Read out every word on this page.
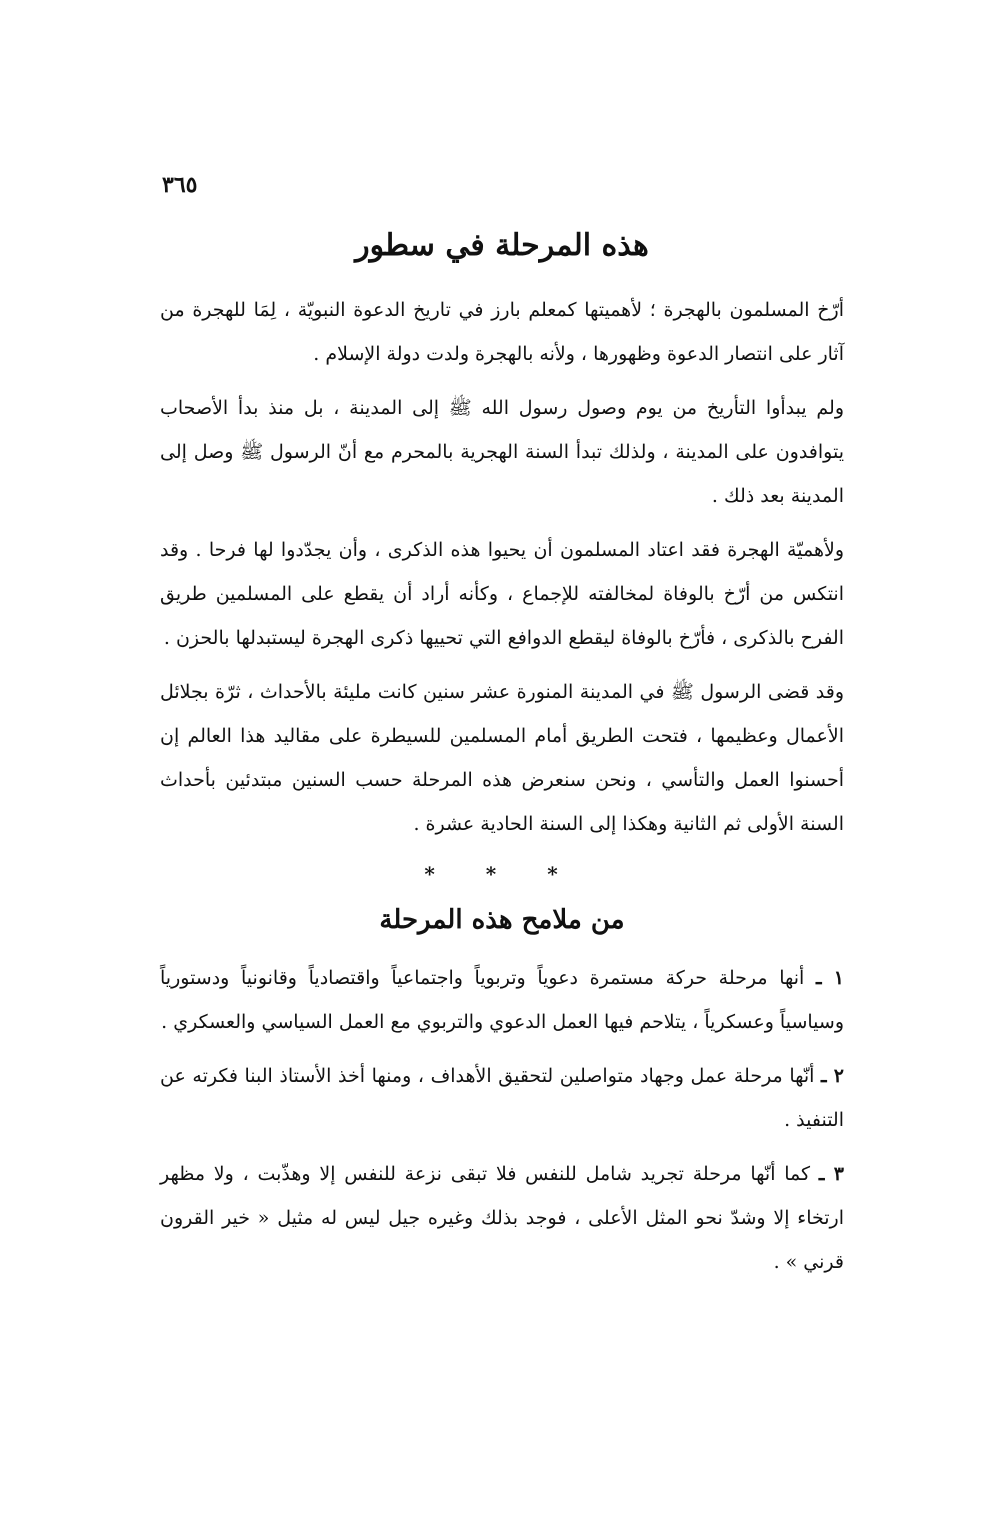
٣٦٥
هذه المرحلة في سطور

أرّخ المسلمون بالهجرة ؛ لأهميتها كمعلم بارز في تاريخ الدعوة النبويّة ، لِمَا للهجرة من آثار على انتصار الدعوة وظهورها ، ولأنه بالهجرة ولدت دولة الإسلام .

ولم يبدأوا التأريخ من يوم وصول رسول الله ﷺ إلى المدينة ، بل منذ بدأ الأصحاب يتوافدون على المدينة ، ولذلك تبدأ السنة الهجرية بالمحرم مع أنّ الرسول ﷺ وصل إلى المدينة بعد ذلك .

ولأهميّة الهجرة فقد اعتاد المسلمون أن يحيوا هذه الذكرى ، وأن يجدّدوا لها فرحا . وقد انتكس من أرّخ بالوفاة لمخالفته للإجماع ، وكأنه أراد أن يقطع على المسلمين طريق الفرح بالذكرى ، فأرّخ بالوفاة ليقطع الدوافع التي تحييها ذكرى الهجرة ليستبدلها بالحزن .

وقد قضى الرسول ﷺ في المدينة المنورة عشر سنين كانت مليئة بالأحداث ، ثرّة بجلائل الأعمال وعظيمها ، فتحت الطريق أمام المسلمين للسيطرة على مقاليد هذا العالم إن أحسنوا العمل والتأسي ، ونحن سنعرض هذه المرحلة حسب السنين مبتدئين بأحداث السنة الأولى ثم الثانية وهكذا إلى السنة الحادية عشرة .

* * *
من ملامح هذه المرحلة

١ ـ أنها مرحلة حركة مستمرة دعوياً وتربوياً واجتماعياً واقتصادياً وقانونياً ودستورياً وسياسياً وعسكرياً ، يتلاحم فيها العمل الدعوي والتربوي مع العمل السياسي والعسكري .

٢ ـ أنّها مرحلة عمل وجهاد متواصلين لتحقيق الأهداف ، ومنها أخذ الأستاذ البنا فكرته عن التنفيذ .

٣ ـ كما أنّها مرحلة تجريد شامل للنفس فلا تبقى نزعة للنفس إلا وهذّبت ، ولا مظهر ارتخاء إلا وشدّ نحو المثل الأعلى ، فوجد بذلك وغيره جيل ليس له مثيل « خير القرون قرني » .
